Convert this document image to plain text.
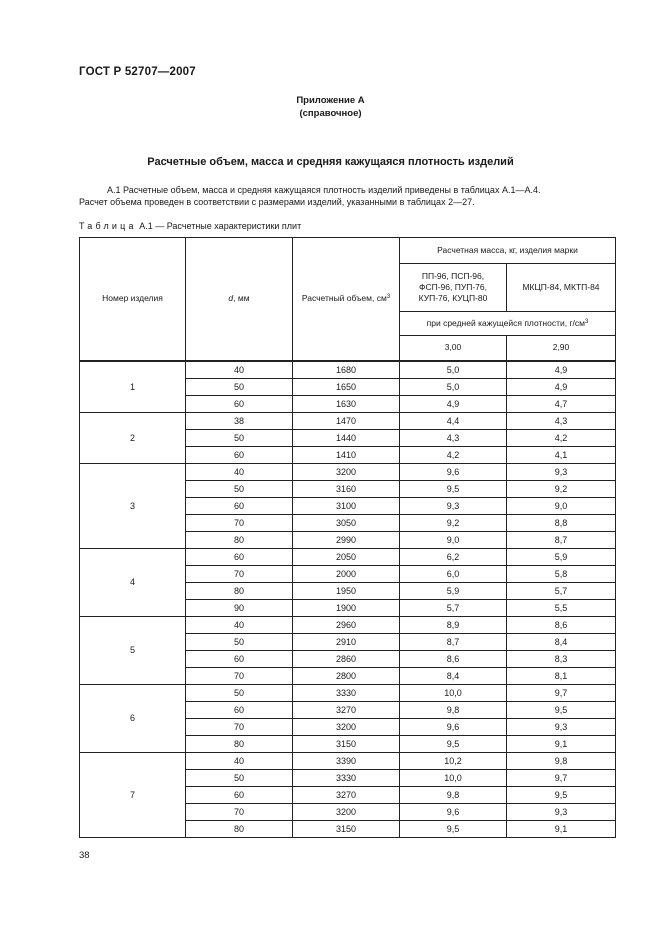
ГОСТ Р 52707—2007
Приложение А
(справочное)
Расчетные объем, масса и средняя кажущаяся плотность изделий
А.1 Расчетные объем, масса и средняя кажущаяся плотность изделий приведены в таблицах А.1—А.4.
Расчет объема проведен в соответствии с размерами изделий, указанными в таблицах 2—27.
Таблица А.1 — Расчетные характеристики плит
Номер изделия	d, мм	Расчетный объем, $см^3$	Расчетная масса, кг, изделия марки	

			ПП-96, ПСП-96,
ФСП-96, ПУП-76,
КУП-76, КУЦП-80	МКЦП-84, МКТП-84
			при средней кажущейся плотности, $г/см^3$
			3,00	2,90
1	40	1680	5,0	4,9
	50	1650	5,0	4,9
	60	1630	4,9	4,7
2	38	1470	4,4	4,3
	50	1440	4,3	4,2
	60	1410	4,2	4,1
3	40	3200	9,6	9,3
	50	3160	9,5	9,2
	60	3100	9,3	9,0
	70	3050	9,2	8,8
	80	2990	9,0	8,7
4	60	2050	6,2	5,9
	70	2000	6,0	5,8
	80	1950	5,9	5,7
	90	1900	5,7	5,5
5	40	2960	8,9	8,6
	50	2910	8,7	8,4
	60	2860	8,6	8,3
	70	2800	8,4	8,1
6	50	3330	10,0	9,7
	60	3270	9,8	9,5
	70	3200	9,6	9,3
	80	3150	9,5	9,1
7	40	3390	10,2	9,8
	50	3330	10,0	9,7
	60	3270	9,8	9,5
	70	3200	9,6	9,3
	80	3150	9,5	9,1
38
